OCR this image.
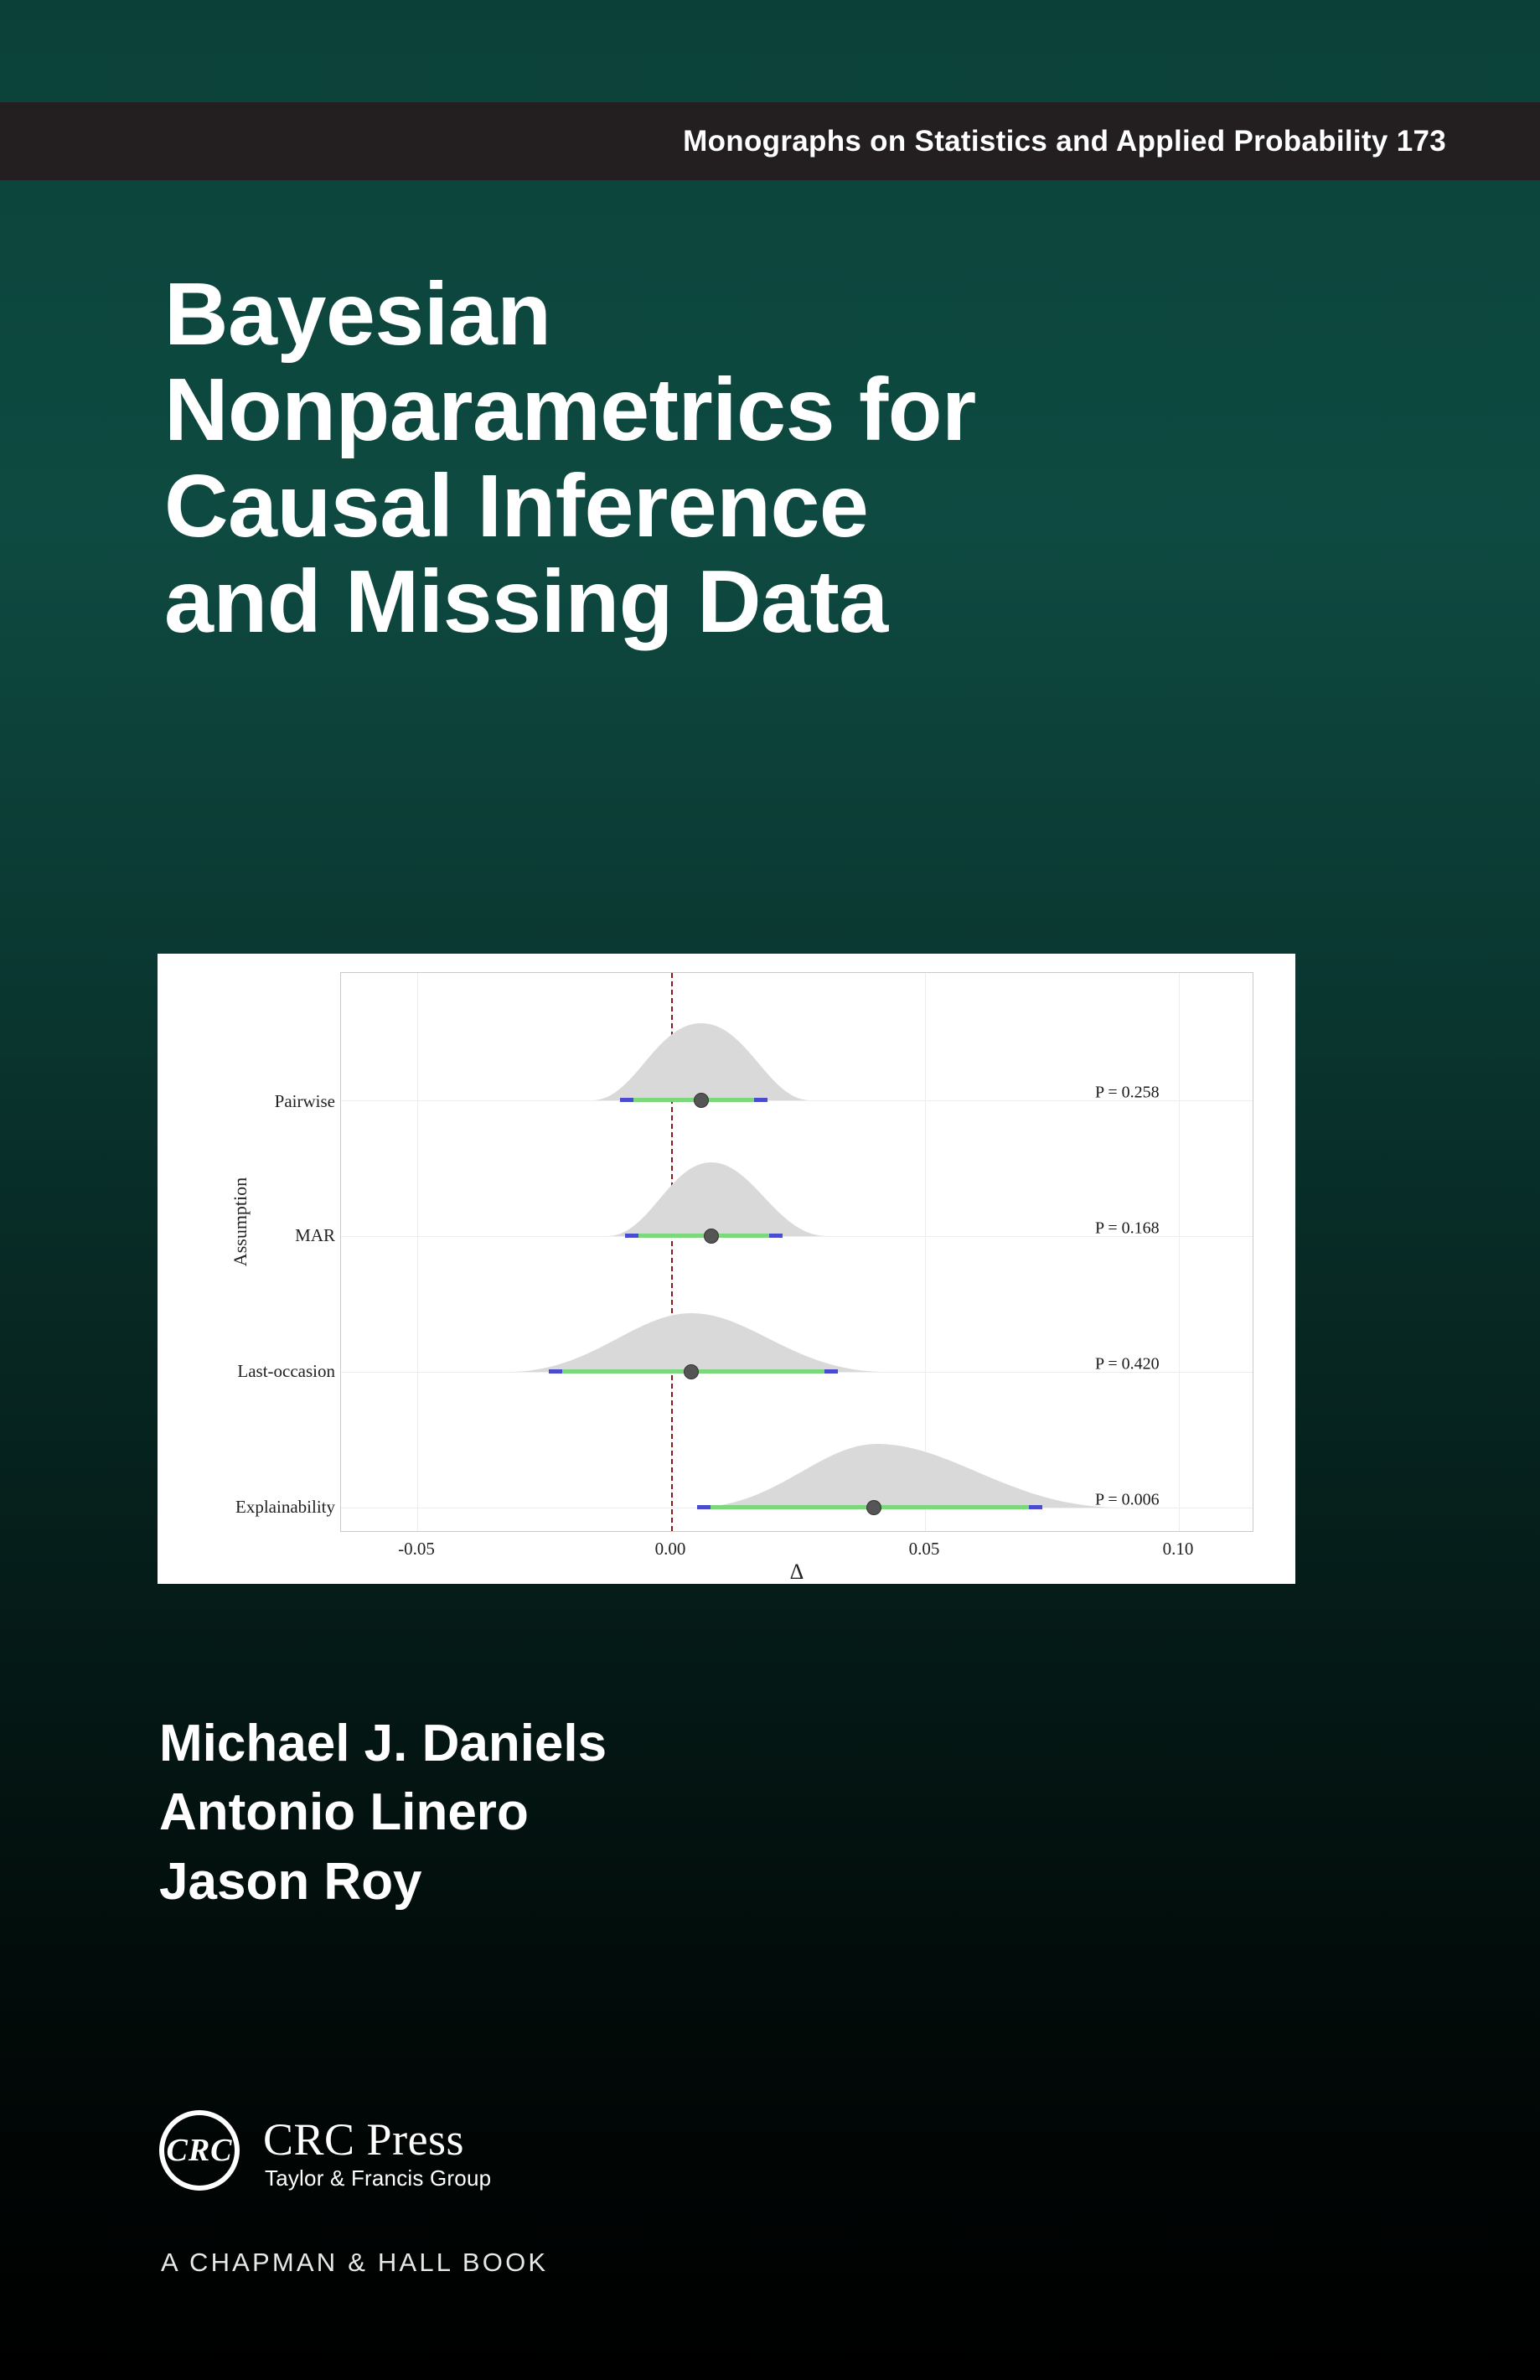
Monographs on Statistics and Applied Probability 173
Bayesian
Nonparametrics for
Causal Inference
and Missing Data
Assumption
Pairwise
MAR
Last-occasion
Explainability
P = 0.258
P = 0.168
P = 0.420
P = 0.006
-0.05	0.00	0.05	0.10
Δ
Michael J. Daniels
Antonio Linero
Jason Roy
CRC CRC Press
Taylor & Francis Group
A CHAPMAN & HALL BOOK
